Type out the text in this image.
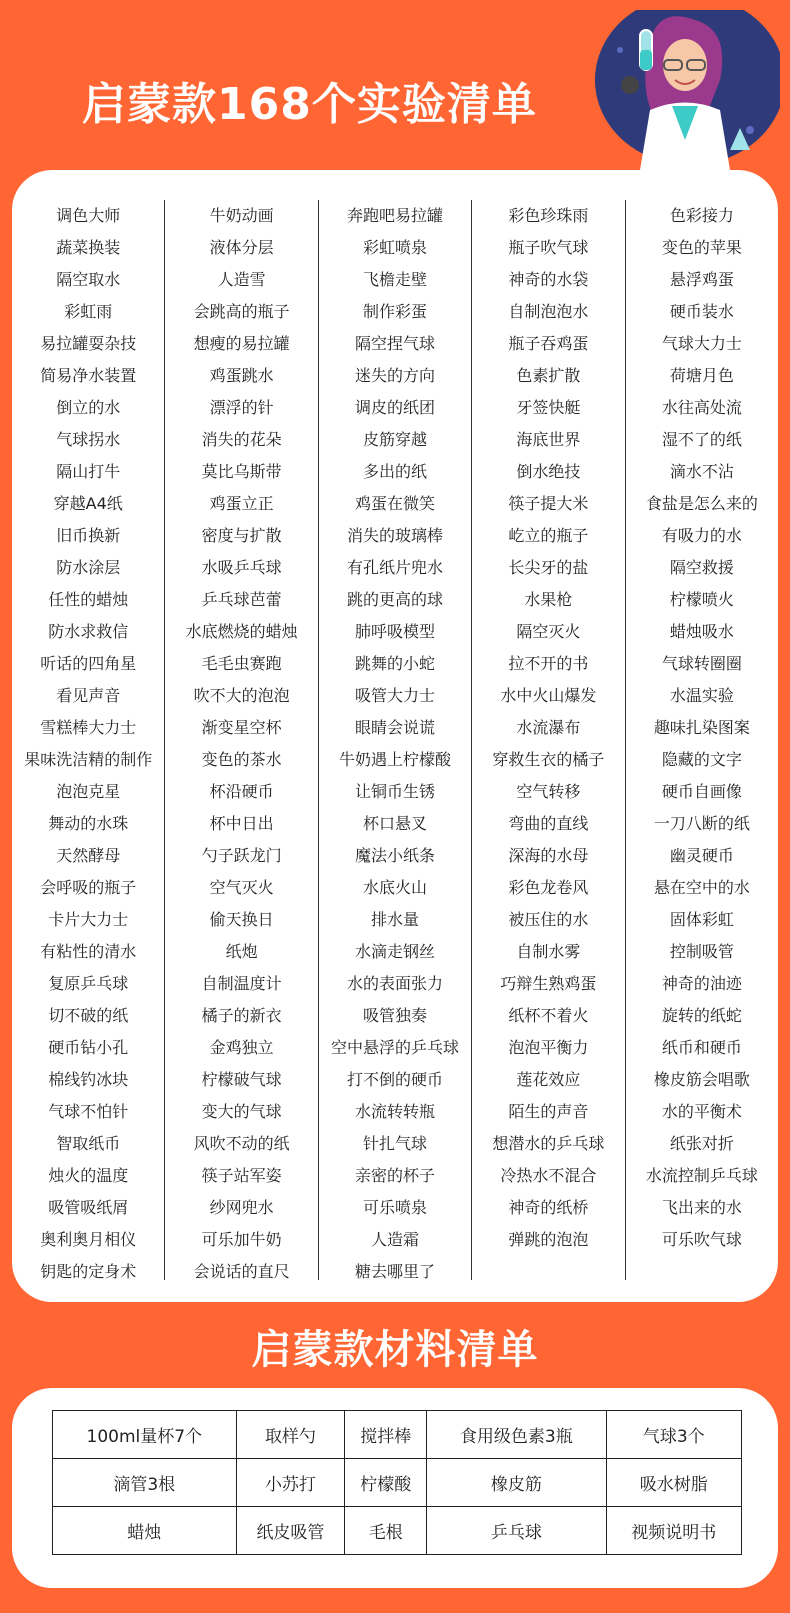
启蒙款168个实验清单
调色大师
蔬菜换装
隔空取水
彩虹雨
易拉罐耍杂技
简易净水装置
倒立的水
气球拐水
隔山打牛
穿越A4纸
旧币换新
防水涂层
任性的蜡烛
防水求救信
听话的四角星
看见声音
雪糕棒大力士
果味洗洁精的制作
泡泡克星
舞动的水珠
天然酵母
会呼吸的瓶子
卡片大力士
有粘性的清水
复原乒乓球
切不破的纸
硬币钻小孔
棉线钓冰块
气球不怕针
智取纸币
烛火的温度
吸管吸纸屑
奥利奥月相仪
钥匙的定身术
牛奶动画
液体分层
人造雪
会跳高的瓶子
想瘦的易拉罐
鸡蛋跳水
漂浮的针
消失的花朵
莫比乌斯带
鸡蛋立正
密度与扩散
水吸乒乓球
乒乓球芭蕾
水底燃烧的蜡烛
毛毛虫赛跑
吹不大的泡泡
渐变星空杯
变色的茶水
杯沿硬币
杯中日出
勺子跃龙门
空气灭火
偷天换日
纸炮
自制温度计
橘子的新衣
金鸡独立
柠檬破气球
变大的气球
风吹不动的纸
筷子站军姿
纱网兜水
可乐加牛奶
会说话的直尺
奔跑吧易拉罐
彩虹喷泉
飞檐走壁
制作彩蛋
隔空捏气球
迷失的方向
调皮的纸团
皮筋穿越
多出的纸
鸡蛋在微笑
消失的玻璃棒
有孔纸片兜水
跳的更高的球
肺呼吸模型
跳舞的小蛇
吸管大力士
眼睛会说谎
牛奶遇上柠檬酸
让铜币生锈
杯口悬叉
魔法小纸条
水底火山
排水量
水滴走钢丝
水的表面张力
吸管独奏
空中悬浮的乒乓球
打不倒的硬币
水流转转瓶
针扎气球
亲密的杯子
可乐喷泉
人造霜
糖去哪里了
彩色珍珠雨
瓶子吹气球
神奇的水袋
自制泡泡水
瓶子吞鸡蛋
色素扩散
牙签快艇
海底世界
倒水绝技
筷子提大米
屹立的瓶子
长尖牙的盐
水果枪
隔空灭火
拉不开的书
水中火山爆发
水流瀑布
穿救生衣的橘子
空气转移
弯曲的直线
深海的水母
彩色龙卷风
被压住的水
自制水雾
巧辩生熟鸡蛋
纸杯不着火
泡泡平衡力
莲花效应
陌生的声音
想潜水的乒乓球
冷热水不混合
神奇的纸桥
弹跳的泡泡
色彩接力
变色的苹果
悬浮鸡蛋
硬币装水
气球大力士
荷塘月色
水往高处流
湿不了的纸
滴水不沾
食盐是怎么来的
有吸力的水
隔空救援
柠檬喷火
蜡烛吸水
气球转圈圈
水温实验
趣味扎染图案
隐藏的文字
硬币自画像
一刀八断的纸
幽灵硬币
悬在空中的水
固体彩虹
控制吸管
神奇的油迹
旋转的纸蛇
纸币和硬币
橡皮筋会唱歌
水的平衡术
纸张对折
水流控制乒乓球
飞出来的水
可乐吹气球
启蒙款材料清单
100ml量杯7个	取样勺	搅拌棒	食用级色素3瓶	气球3个
滴管3根	小苏打	柠檬酸	橡皮筋	吸水树脂
蜡烛	纸皮吸管	毛根	乒乓球	视频说明书
